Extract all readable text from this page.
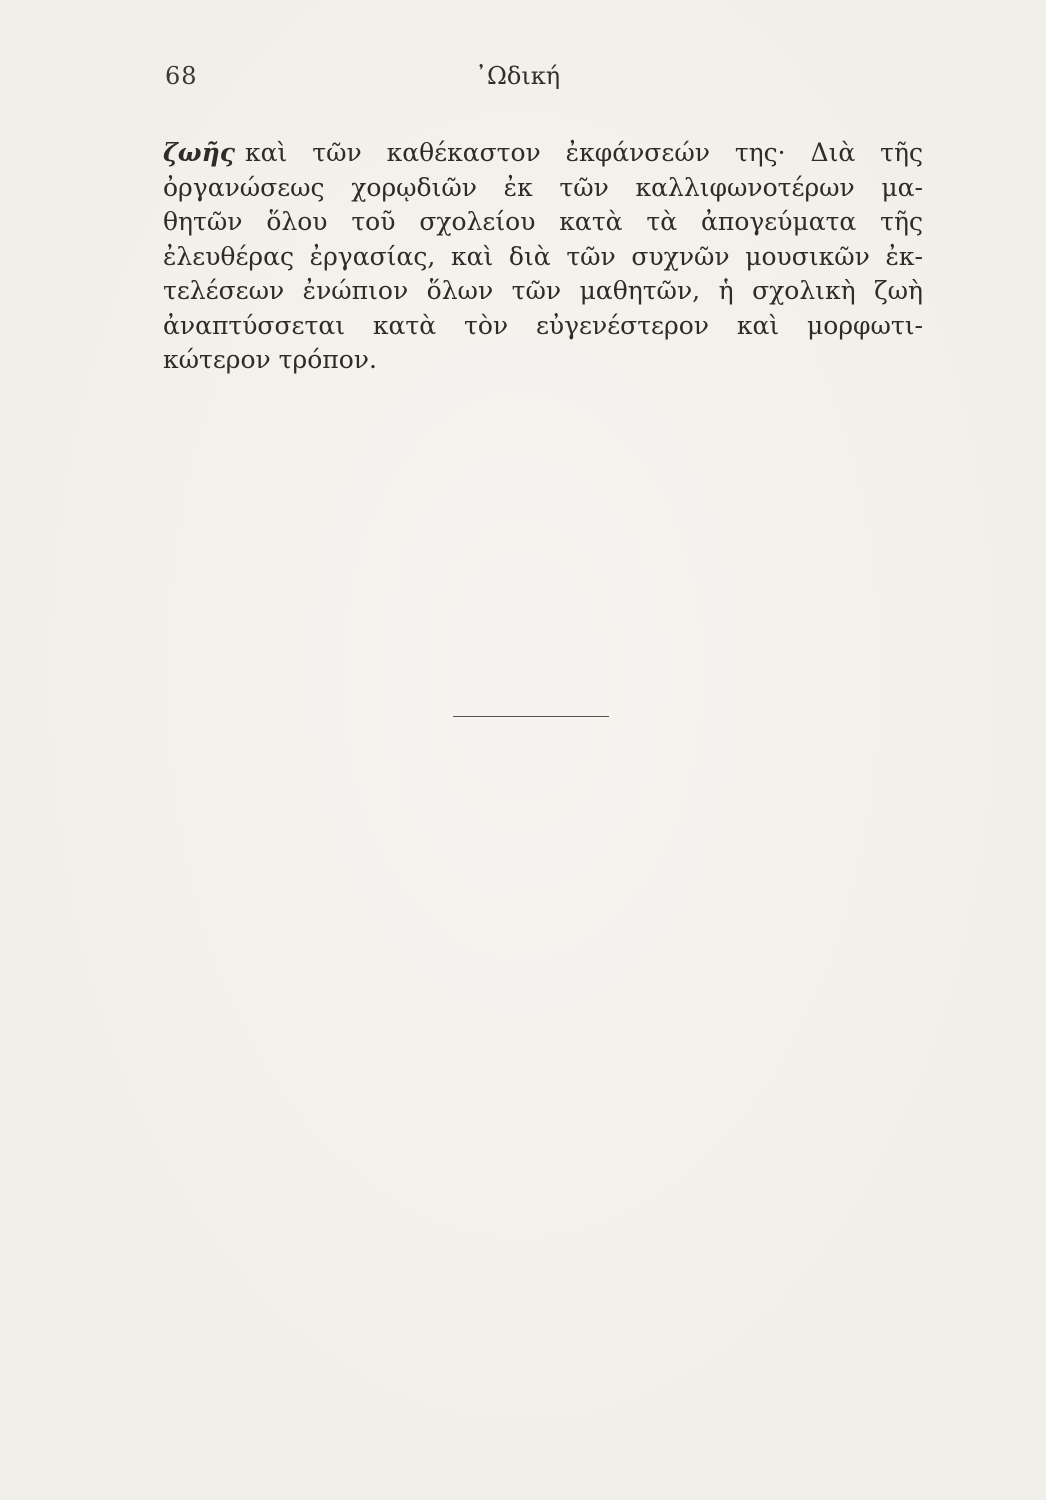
68	᾿Ωδική
ζωῆς καὶ τῶν καθέκαστον ἐκφάνσεών της· Διὰ τῆς
ὀργανώσεως χορῳδιῶν ἐκ τῶν καλλιφωνοτέρων μα-
θητῶν ὅλου τοῦ σχολείου κατὰ τὰ ἀπογεύματα τῆς
ἐλευθέρας ἐργασίας, καὶ διὰ τῶν συχνῶν μουσικῶν ἐκ-
τελέσεων ἐνώπιον ὅλων τῶν μαθητῶν, ἡ σχολικὴ ζωὴ
ἀναπτύσσεται κατὰ τὸν εὐγενέστερον καὶ μορφωτι-
κώτερον τρόπον.
